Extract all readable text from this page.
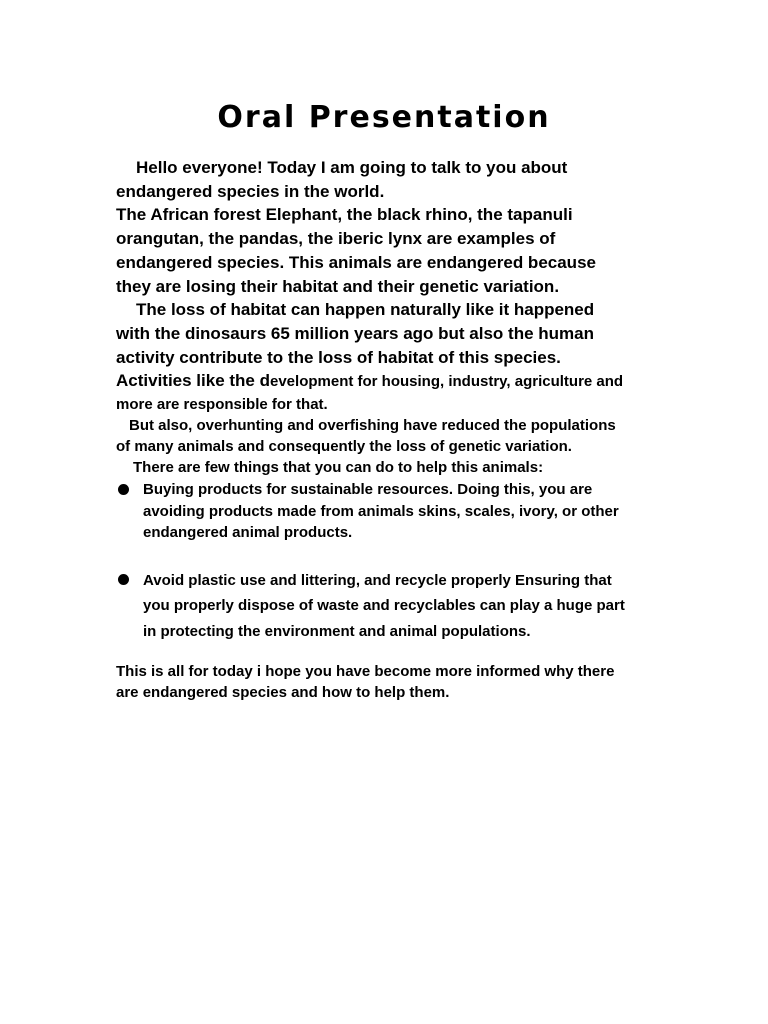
Oral Presentation
Hello everyone! Today I am going to talk to you about
endangered species in the world.
The African forest Elephant, the black rhino, the tapanuli
orangutan, the pandas, the iberic lynx are examples of
endangered species. This animals are endangered because
they are losing their habitat and their genetic variation.
The loss of habitat can happen naturally like it happened
with the dinosaurs 65 million years ago but also the human
activity contribute to the loss of habitat of this species.
Activities like the development for housing, industry, agriculture and
more are responsible for that.
But also, overhunting and overfishing have reduced the populations
of many animals and consequently the loss of genetic variation.
There are few things that you can do to help this animals:
Buying products for sustainable resources. Doing this, you are
avoiding products made from animals skins, scales, ivory, or other
endangered animal products.
Avoid plastic use and littering, and recycle properly Ensuring that
you properly dispose of waste and recyclables can play a huge part
in protecting the environment and animal populations.
This is all for today i hope you have become more informed why there
are endangered species and how to help them.
